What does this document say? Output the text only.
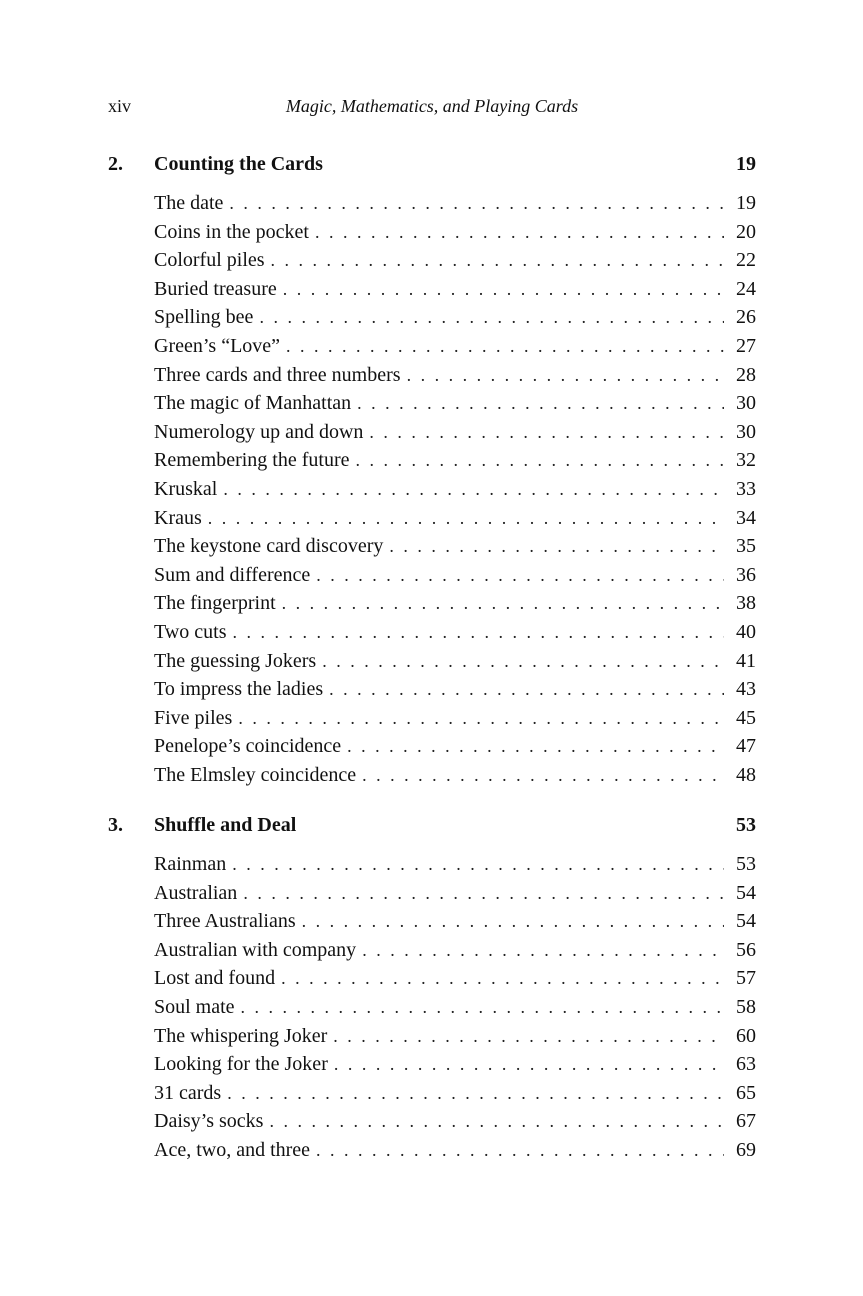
xiv	Magic, Mathematics, and Playing Cards
2. Counting the Cards	19
The date . . .	19
Coins in the pocket . . .	20
Colorful piles . . .	22
Buried treasure . . .	24
Spelling bee . . .	26
Green’s “Love” . . .	27
Three cards and three numbers . . .	28
The magic of Manhattan . . .	30
Numerology up and down . . .	30
Remembering the future . . .	32
Kruskal . . .	33
Kraus . . .	34
The keystone card discovery . . .	35
Sum and difference . . .	36
The fingerprint . . .	38
Two cuts . . .	40
The guessing Jokers . . .	41
To impress the ladies . . .	43
Five piles . . .	45
Penelope’s coincidence . . .	47
The Elmsley coincidence . . .	48
3. Shuffle and Deal	53
Rainman . . .	53
Australian . . .	54
Three Australians . . .	54
Australian with company . . .	56
Lost and found . . .	57
Soul mate . . .	58
The whispering Joker . . .	60
Looking for the Joker . . .	63
31 cards . . .	65
Daisy’s socks . . .	67
Ace, two, and three . . .	69
